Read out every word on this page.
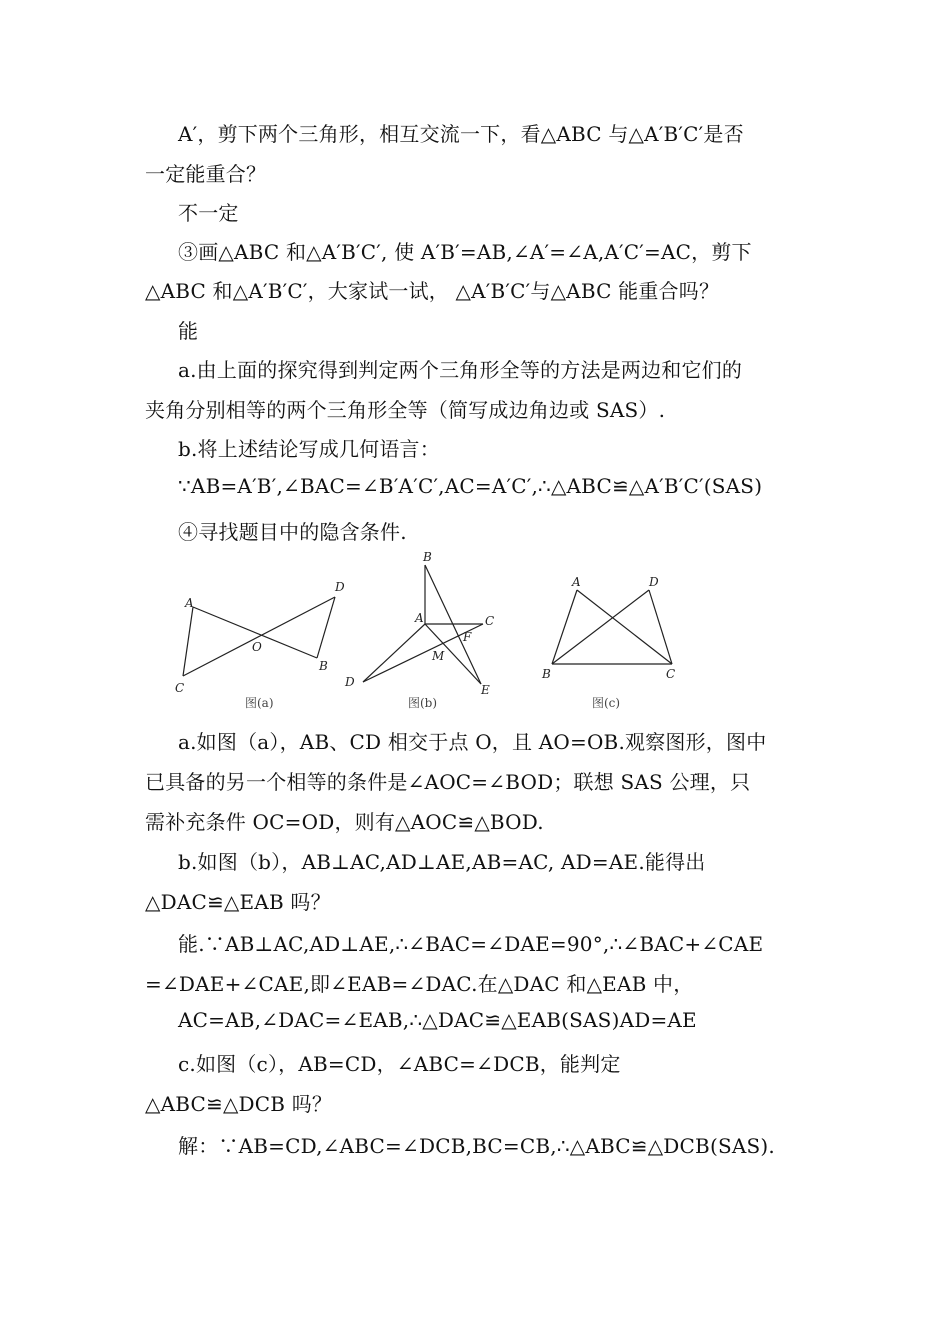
A′，剪下两个三角形，相互交流一下，看△ABC 与△A′B′C′是否
一定能重合？
不一定
③画△ABC 和△A′B′C′, 使 A′B′=AB,∠A′=∠A,A′C′=AC，剪下
△ABC 和△A′B′C′，大家试一试， △A′B′C′与△ABC 能重合吗？
能
a.由上面的探究得到判定两个三角形全等的方法是两边和它们的
夹角分别相等的两个三角形全等（简写成边角边或 SAS）.
b.将上述结论写成几何语言：
∵AB=A′B′,∠BAC=∠B′A′C′,AC=A′C′,∴△ABC≌△A′B′C′(SAS)
④寻找题目中的隐含条件.
A
D
O
B
C
图(a)
B
A	C
F
M
D
E
图(b)
A	D
B	C
图(c)
a.如图（a），AB、CD 相交于点 O，且 AO=OB.观察图形，图中
已具备的另一个相等的条件是∠AOC=∠BOD；联想 SAS 公理，只
需补充条件 OC=OD，则有△AOC≌△BOD.
b.如图（b），AB⊥AC,AD⊥AE,AB=AC, AD=AE.能得出
△DAC≌△EAB 吗？
能.∵AB⊥AC,AD⊥AE,∴∠BAC=∠DAE=90°,∴∠BAC+∠CAE
=∠DAE+∠CAE,即∠EAB=∠DAC.在△DAC 和△EAB 中，
AC=AB,∠DAC=∠EAB,∴△DAC≌△EAB(SAS)AD=AE
c.如图（c），AB=CD，∠ABC=∠DCB，能判定
△ABC≌△DCB 吗？
解：∵AB=CD,∠ABC=∠DCB,BC=CB,∴△ABC≌△DCB(SAS).
